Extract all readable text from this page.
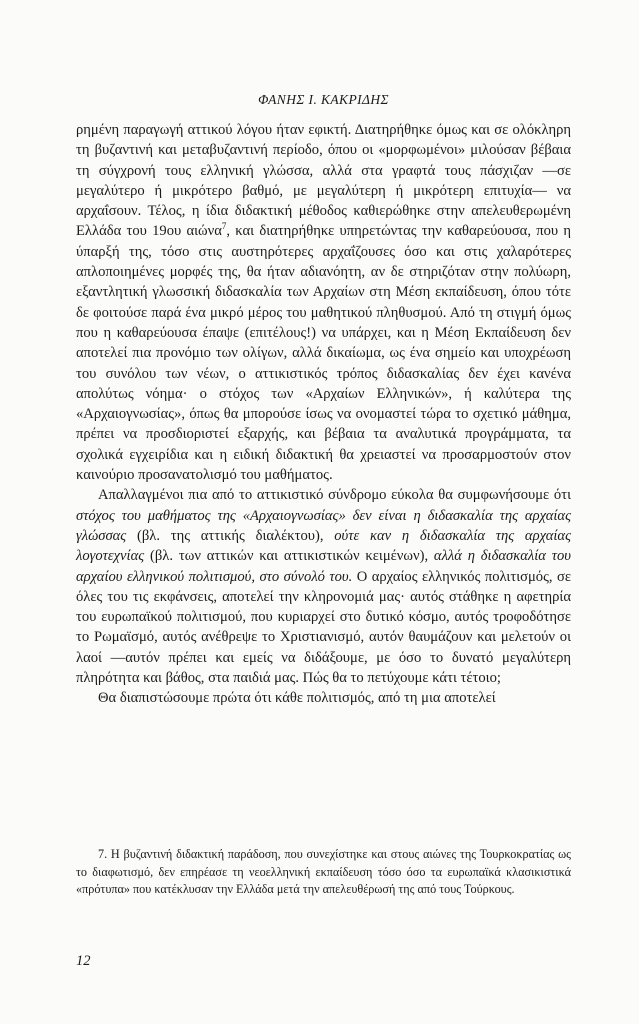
ΦΑΝΗΣ Ι. ΚΑΚΡΙΔΗΣ

ρημένη παραγωγή αττικού λόγου ήταν εφικτή. Διατηρήθηκε όμως και σε ολόκληρη τη βυζαντινή και μεταβυζαντινή περίοδο, όπου οι «μορφωμένοι» μιλούσαν βέβαια τη σύγχρονή τους ελληνική γλώσσα, αλλά στα γραφτά τους πάσχιζαν —σε μεγαλύτερο ή μικρότερο βαθμό, με μεγαλύτερη ή μικρότερη επιτυχία— να αρχαΐσουν. Τέλος, η ίδια διδακτική μέθοδος καθιερώθηκε στην απελευθερωμένη Ελλάδα του 19ου αιώνα$^7$, και διατηρήθηκε υπηρετώντας την καθαρεύουσα, που η ύπαρξή της, τόσο στις αυστηρότερες αρχαΐζουσες όσο και στις χαλαρότερες απλοποιημένες μορφές της, θα ήταν αδιανόητη, αν δε στηριζόταν στην πολύωρη, εξαντλητική γλωσσική διδασκαλία των Αρχαίων στη Μέση εκπαίδευση, όπου τότε δε φοιτούσε παρά ένα μικρό μέρος του μαθητικού πληθυσμού. Από τη στιγμή όμως που η καθαρεύουσα έπαψε (επιτέλους!) να υπάρχει, και η Μέση Εκπαίδευση δεν αποτελεί πια προνόμιο των ολίγων, αλλά δικαίωμα, ως ένα σημείο και υποχρέωση του συνόλου των νέων, ο αττικιστικός τρόπος διδασκαλίας δεν έχει κανένα απολύτως νόημα· ο στόχος των «Αρχαίων Ελληνικών», ή καλύτερα της «Αρχαιογνωσίας», όπως θα μπορούσε ίσως να ονομαστεί τώρα το σχετικό μάθημα, πρέπει να προσδιοριστεί εξαρχής, και βέβαια τα αναλυτικά προγράμματα, τα σχολικά εγχειρίδια και η ειδική διδακτική θα χρειαστεί να προσαρμοστούν στον καινούριο προσανατολισμό του μαθήματος.

Απαλλαγμένοι πια από το αττικιστικό σύνδρομο εύκολα θα συμφωνήσουμε ότι στόχος του μαθήματος της «Αρχαιογνωσίας» δεν είναι η διδασκαλία της αρχαίας γλώσσας (βλ. της αττικής διαλέκτου), ούτε καν η διδασκαλία της αρχαίας λογοτεχνίας (βλ. των αττικών και αττικιστικών κειμένων), αλλά η διδασκαλία του αρχαίου ελληνικού πολιτισμού, στο σύνολό του. Ο αρχαίος ελληνικός πολιτισμός, σε όλες του τις εκφάνσεις, αποτελεί την κληρονομιά μας· αυτός στάθηκε η αφετηρία του ευρωπαϊκού πολιτισμού, που κυριαρχεί στο δυτικό κόσμο, αυτός τροφοδότησε το Ρωμαϊσμό, αυτός ανέθρεψε το Χριστιανισμό, αυτόν θαυμάζουν και μελετούν οι λαοί —αυτόν πρέπει και εμείς να διδάξουμε, με όσο το δυνατό μεγαλύτερη πληρότητα και βάθος, στα παιδιά μας. Πώς θα το πετύχουμε κάτι τέτοιο;

Θα διαπιστώσουμε πρώτα ότι κάθε πολιτισμός, από τη μια αποτελεί

7. Η βυζαντινή διδακτική παράδοση, που συνεχίστηκε και στους αιώνες της Τουρκοκρατίας ως το διαφωτισμό, δεν επηρέασε τη νεοελληνική εκπαίδευση τόσο όσο τα ευρωπαϊκά κλασικιστικά «πρότυπα» που κατέκλυσαν την Ελλάδα μετά την απελευθέρωσή της από τους Τούρκους.

12
